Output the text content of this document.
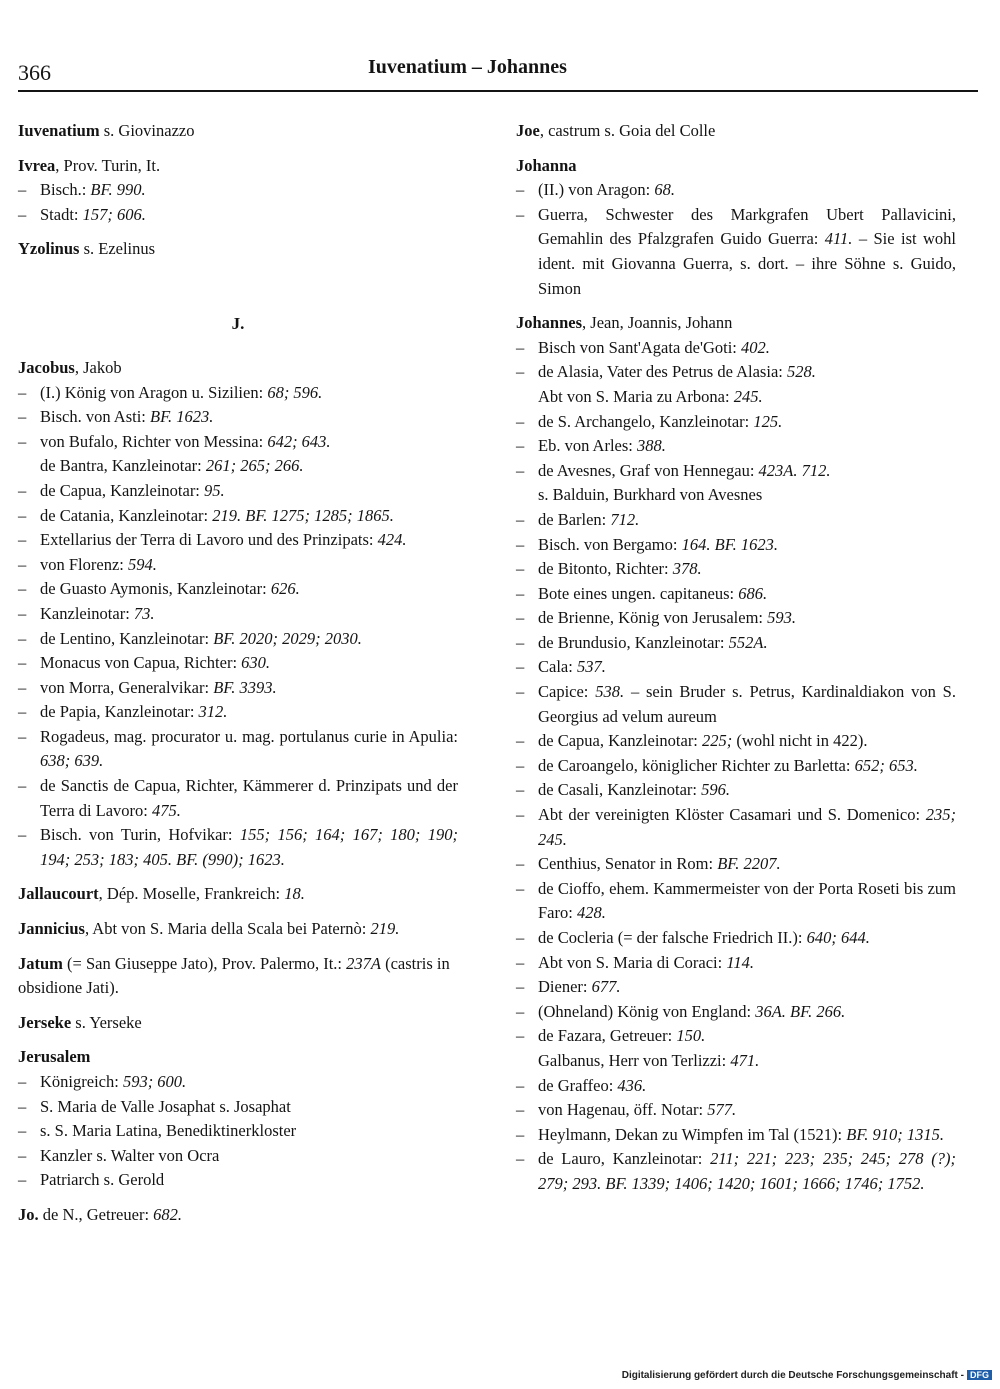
366	Iuvenatium – Johannes
Iuvenatium s. Giovinazzo
Ivrea, Prov. Turin, It.
– Bisch.: BF. 990.
– Stadt: 157; 606.
Yzolinus s. Ezelinus
J.
Jacobus, Jakob
– (I.) König von Aragon u. Sizilien: 68; 596.
– Bisch. von Asti: BF. 1623.
– von Bufalo, Richter von Messina: 642; 643.
de Bantra, Kanzleinotar: 261; 265; 266.
– de Capua, Kanzleinotar: 95.
– de Catania, Kanzleinotar: 219. BF. 1275; 1285; 1865.
– Extellarius der Terra di Lavoro und des Prinzipats: 424.
– von Florenz: 594.
– de Guasto Aymonis, Kanzleinotar: 626.
– Kanzleinotar: 73.
– de Lentino, Kanzleinotar: BF. 2020; 2029; 2030.
– Monacus von Capua, Richter: 630.
– von Morra, Generalvikar: BF. 3393.
– de Papia, Kanzleinotar: 312.
– Rogadeus, mag. procurator u. mag. portulanus curie in Apulia: 638; 639.
– de Sanctis de Capua, Richter, Kämmerer d. Prinzipats und der Terra di Lavoro: 475.
– Bisch. von Turin, Hofvikar: 155; 156; 164; 167; 180; 190; 194; 253; 183; 405. BF. (990); 1623.
Jallaucourt, Dép. Moselle, Frankreich: 18.
Jannicius, Abt von S. Maria della Scala bei Paternò: 219.
Jatum (= San Giuseppe Jato), Prov. Palermo, It.: 237A (castris in obsidione Jati).
Jerseke s. Yerseke
Jerusalem
– Königreich: 593; 600.
– S. Maria de Valle Josaphat s. Josaphat
– s. S. Maria Latina, Benediktinerkloster
– Kanzler s. Walter von Ocra
– Patriarch s. Gerold
Jo. de N., Getreuer: 682.
Joe, castrum s. Goia del Colle
Johanna
– (II.) von Aragon: 68.
– Guerra, Schwester des Markgrafen Ubert Pallavicini, Gemahlin des Pfalzgrafen Guido Guerra: 411. – Sie ist wohl ident. mit Giovanna Guerra, s. dort. – ihre Söhne s. Guido, Simon
Johannes, Jean, Joannis, Johann
– Bisch von Sant'Agata de'Goti: 402.
– de Alasia, Vater des Petrus de Alasia: 528.
Abt von S. Maria zu Arbona: 245.
– de S. Archangelo, Kanzleinotar: 125.
– Eb. von Arles: 388.
– de Avesnes, Graf von Hennegau: 423A. 712.
s. Balduin, Burkhard von Avesnes
– de Barlen: 712.
– Bisch. von Bergamo: 164. BF. 1623.
– de Bitonto, Richter: 378.
– Bote eines ungen. capitaneus: 686.
– de Brienne, König von Jerusalem: 593.
– de Brundusio, Kanzleinotar: 552A.
– Cala: 537.
– Capice: 538. – sein Bruder s. Petrus, Kardinaldiakon von S. Georgius ad velum aureum
– de Capua, Kanzleinotar: 225; (wohl nicht in 422).
– de Caroangelo, königlicher Richter zu Barletta: 652; 653.
– de Casali, Kanzleinotar: 596.
– Abt der vereinigten Klöster Casamari und S. Domenico: 235; 245.
– Centhius, Senator in Rom: BF. 2207.
– de Cioffo, ehem. Kammermeister von der Porta Roseti bis zum Faro: 428.
– de Cocleria (= der falsche Friedrich II.): 640; 644.
– Abt von S. Maria di Coraci: 114.
– Diener: 677.
– (Ohneland) König von England: 36A. BF. 266.
– de Fazara, Getreuer: 150.
Galbanus, Herr von Terlizzi: 471.
– de Graffeo: 436.
– von Hagenau, öff. Notar: 577.
– Heylmann, Dekan zu Wimpfen im Tal (1521): BF. 910; 1315.
– de Lauro, Kanzleinotar: 211; 221; 223; 235; 245; 278 (?); 279; 293. BF. 1339; 1406; 1420; 1601; 1666; 1746; 1752.
Digitalisierung gefördert durch die Deutsche Forschungsgemeinschaft - DFG
